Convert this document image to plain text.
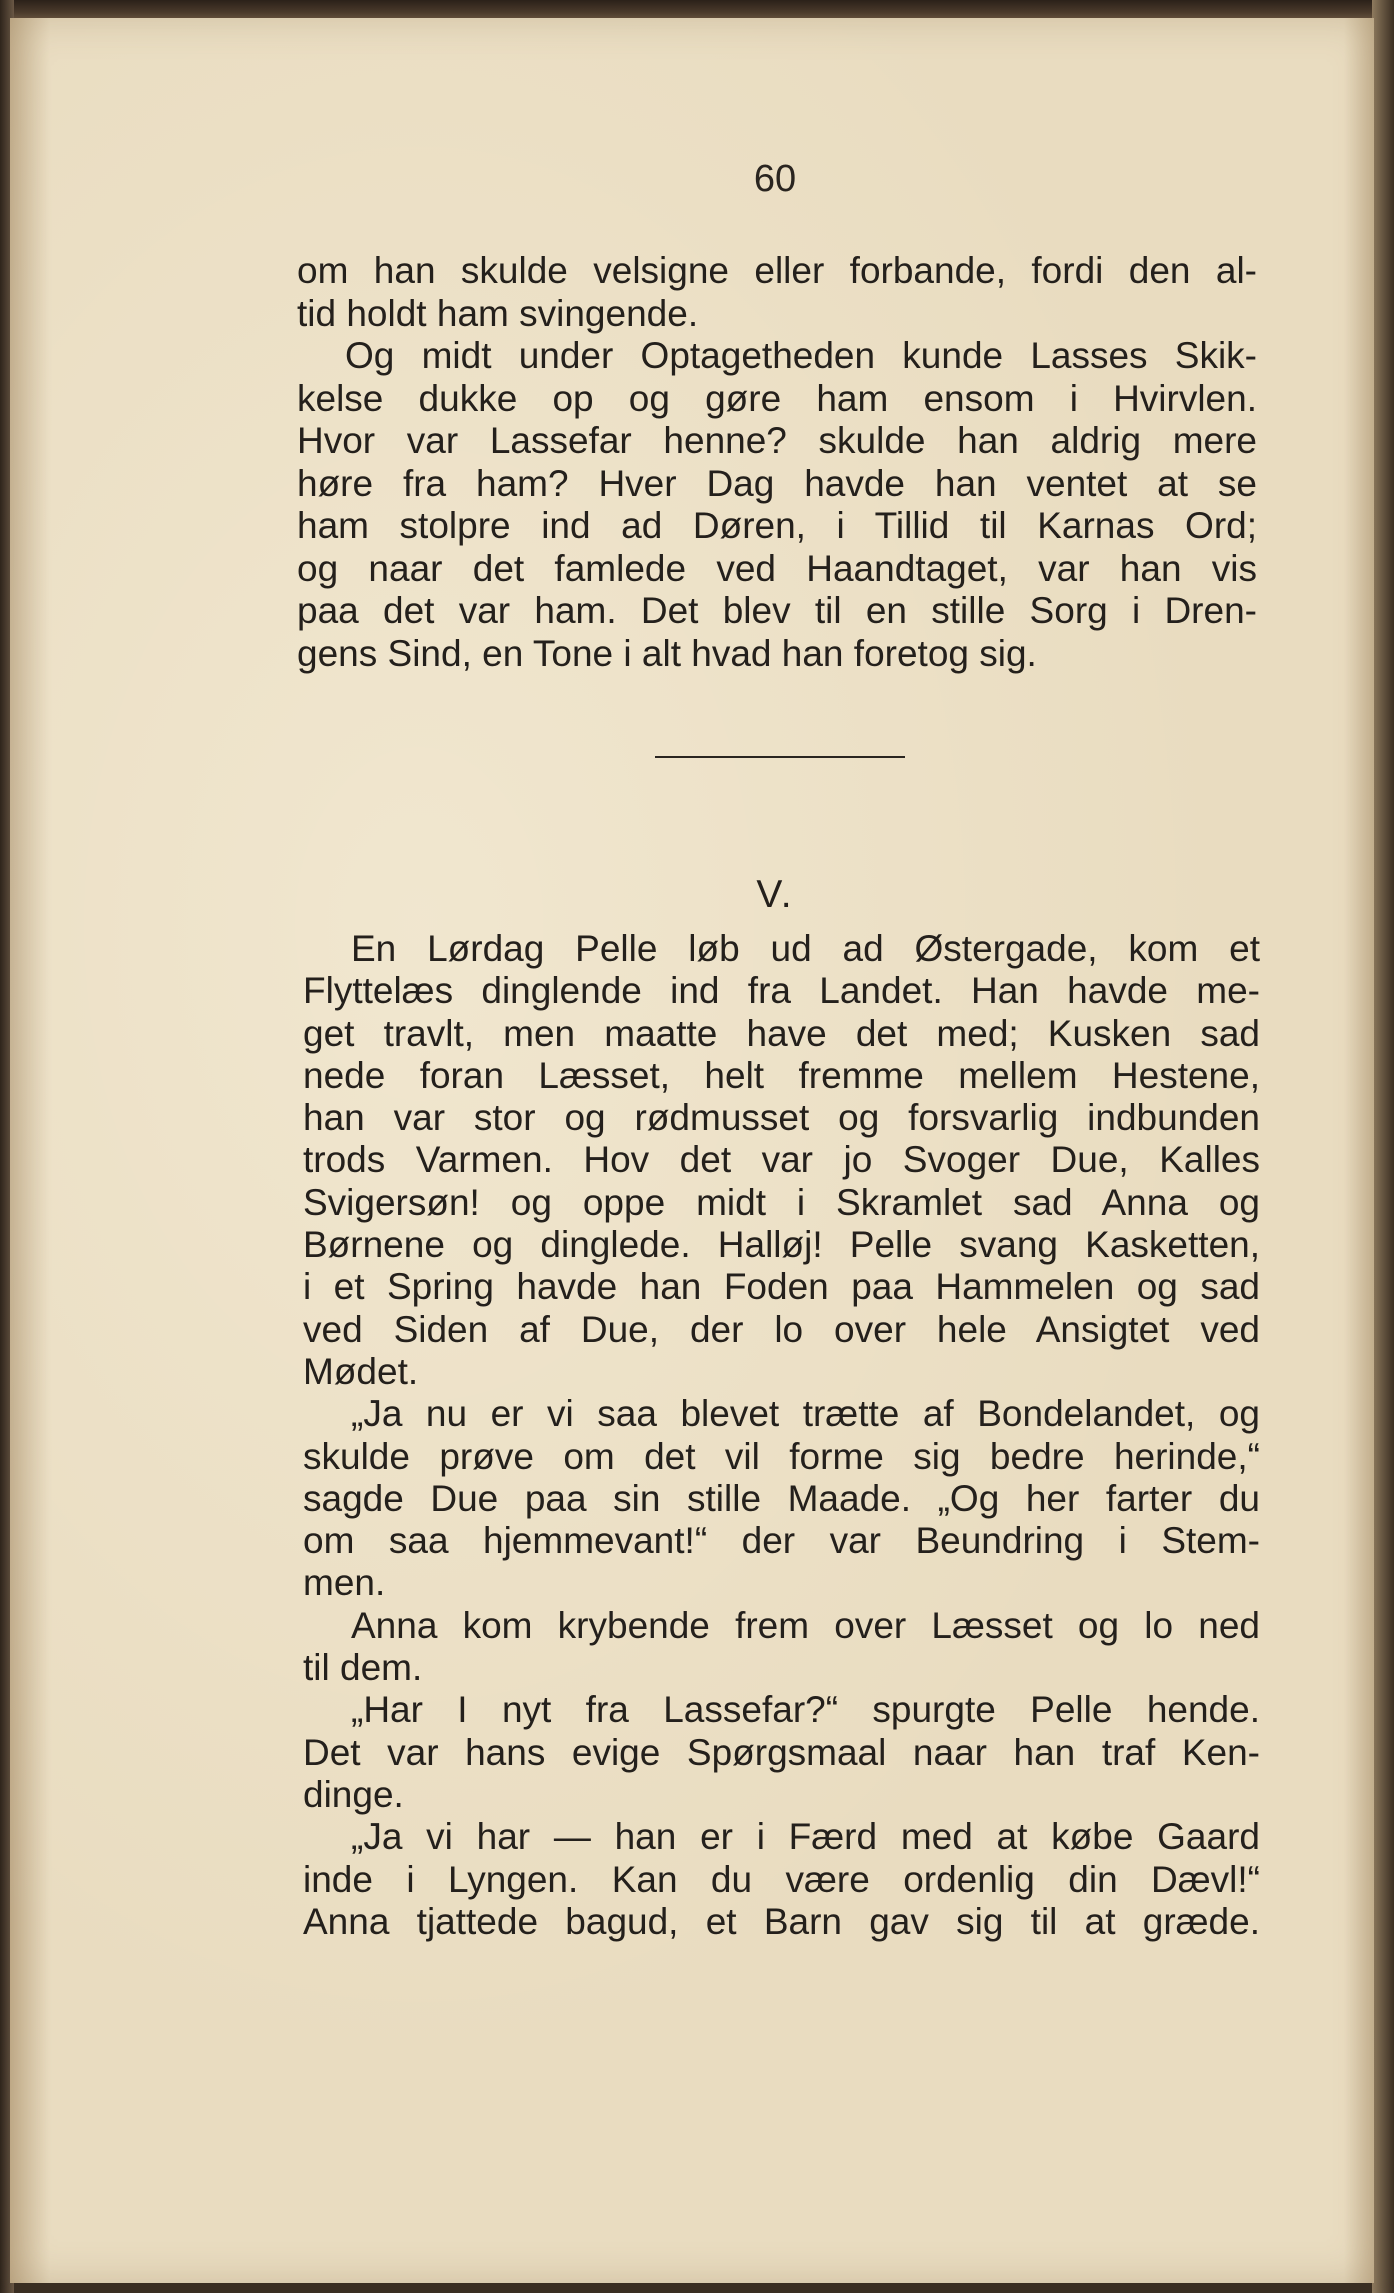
60

om han skulde velsigne eller forbande, fordi den al-
tid holdt ham svingende.

Og midt under Optagetheden kunde Lasses Skik-

kelse dukke op og gøre ham ensom i Hvirvlen.
Hvor var Lassefar henne? skulde han aldrig mere
høre fra ham? Hver Dag havde han ventet at se
ham stolpre ind ad Døren, i Tillid til Karnas Ord;
og naar det famlede ved Haandtaget, var han vis
paa det var ham. Det blev til en stille Sorg i Dren-
gens Sind, en Tone i alt hvad han foretog sig.

V.

En Lørdag Pelle løb ud ad Østergade, kom et

Flyttelæs dinglende ind fra Landet. Han havde me-
get travlt, men maatte have det med; Kusken sad
nede foran Læsset, helt fremme mellem Hestene,
han var stor og rødmusset og forsvarlig indbunden
trods Varmen. Hov det var jo Svoger Due, Kalles
Svigersøn! og oppe midt i Skramlet sad Anna og
Børnene og dinglede. Halløj! Pelle svang Kasketten,
i et Spring havde han Foden paa Hammelen og sad
ved Siden af Due, der lo over hele Ansigtet ved
Mødet.

„Ja nu er vi saa blevet trætte af Bondelandet, og

skulde prøve om det vil forme sig bedre herinde,“
sagde Due paa sin stille Maade. „Og her farter du
om saa hjemmevant!“ der var Beundring i Stem-
men.

Anna kom krybende frem over Læsset og lo ned

til dem.

„Har I nyt fra Lassefar?“ spurgte Pelle hende.

Det var hans evige Spørgsmaal naar han traf Ken-
dinge.

„Ja vi har — han er i Færd med at købe Gaard

inde i Lyngen. Kan du være ordenlig din Dævl!“
Anna tjattede bagud, et Barn gav sig til at græde.
